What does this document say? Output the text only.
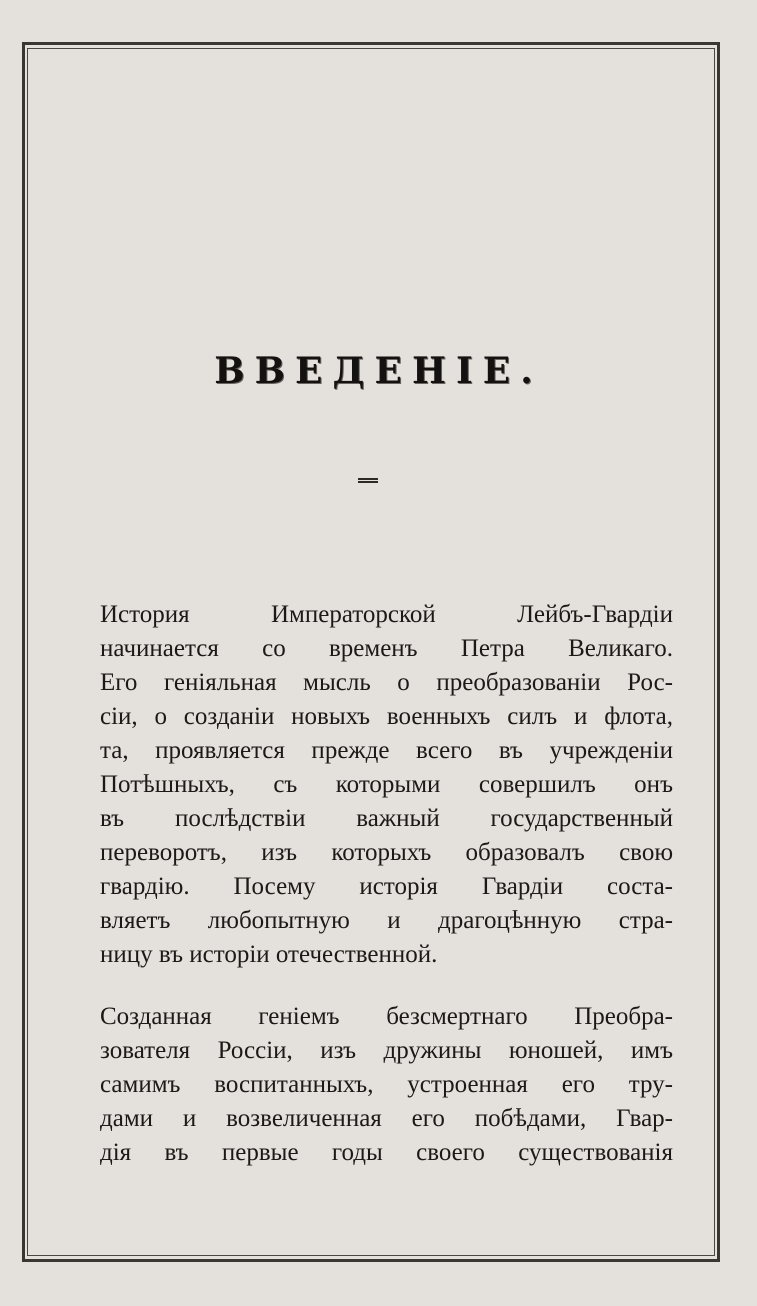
ВВЕДЕНІЕ.
История Императорской Лейбъ-Гвардіи
начинается со временъ Петра Великаго.
Его геніяльная мысль о преобразованіи Рос-
сіи, о созданіи новыхъ военныхъ силъ и флота,
та, проявляется прежде всего въ учрежденіи
Потѣшныхъ, съ которыми совершилъ онъ
въ послѣдствіи важный государственный
переворотъ, изъ которыхъ образовалъ свою
гвардію. Посему исторія Гвардіи соста-
вляетъ любопытную и драгоцѣнную стра-
ницу въ исторіи отечественной.
Созданная геніемъ безсмертнаго Преобра-
зователя Россіи, изъ дружины юношей, имъ
самимъ воспитанныхъ, устроенная его тру-
дами и возвеличенная его побѣдами, Гвар-
дія въ первые годы своего существованія
